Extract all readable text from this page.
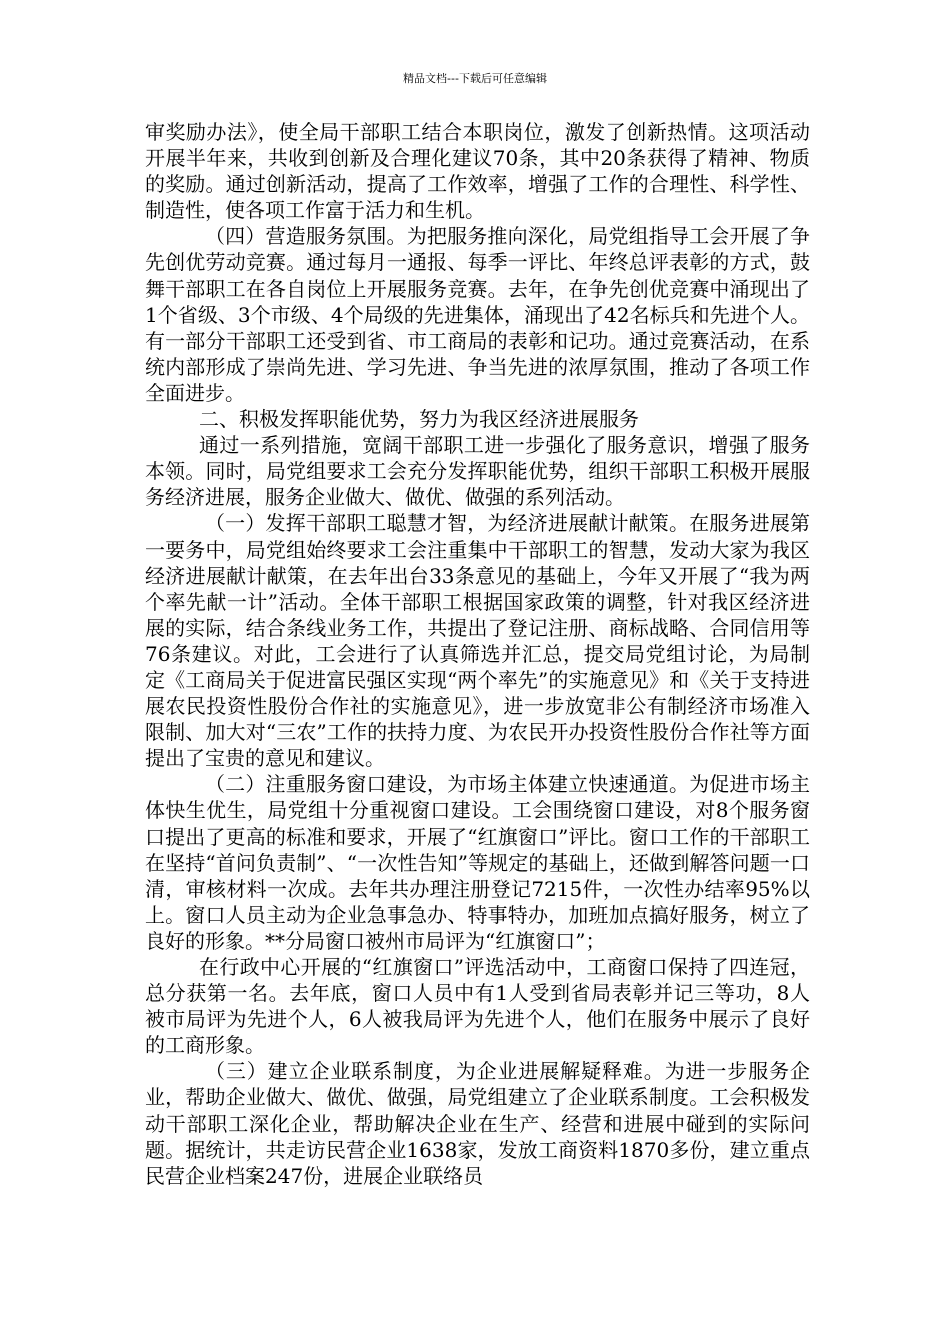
精品文档---下载后可任意编辑

审奖励办法》，使全局干部职工结合本职岗位，激发了创新热情。这项活动开展半年来，共收到创新及合理化建议70条，其中20条获得了精神、物质的奖励。通过创新活动，提高了工作效率，增强了工作的合理性、科学性、制造性，使各项工作富于活力和生机。

（四）营造服务氛围。为把服务推向深化，局党组指导工会开展了争先创优劳动竞赛。通过每月一通报、每季一评比、年终总评表彰的方式，鼓舞干部职工在各自岗位上开展服务竞赛。去年，在争先创优竞赛中涌现出了1个省级、3个市级、4个局级的先进集体，涌现出了42名标兵和先进个人。有一部分干部职工还受到省、市工商局的表彰和记功。通过竞赛活动，在系统内部形成了崇尚先进、学习先进、争当先进的浓厚氛围，推动了各项工作全面进步。

二、积极发挥职能优势，努力为我区经济进展服务

通过一系列措施，宽阔干部职工进一步强化了服务意识，增强了服务本领。同时，局党组要求工会充分发挥职能优势，组织干部职工积极开展服务经济进展，服务企业做大、做优、做强的系列活动。

（一）发挥干部职工聪慧才智，为经济进展献计献策。在服务进展第一要务中，局党组始终要求工会注重集中干部职工的智慧，发动大家为我区经济进展献计献策，在去年出台33条意见的基础上，今年又开展了“我为两个率先献一计”活动。全体干部职工根据国家政策的调整，针对我区经济进展的实际，结合条线业务工作，共提出了登记注册、商标战略、合同信用等76条建议。对此，工会进行了认真筛选并汇总，提交局党组讨论，为局制定《工商局关于促进富民强区实现“两个率先”的实施意见》和《关于支持进展农民投资性股份合作社的实施意见》，进一步放宽非公有制经济市场准入限制、加大对“三农”工作的扶持力度、为农民开办投资性股份合作社等方面提出了宝贵的意见和建议。

（二）注重服务窗口建设，为市场主体建立快速通道。为促进市场主体快生优生，局党组十分重视窗口建设。工会围绕窗口建设，对8个服务窗口提出了更高的标准和要求，开展了“红旗窗口”评比。窗口工作的干部职工在坚持“首问负责制”、“一次性告知”等规定的基础上，还做到解答问题一口清，审核材料一次成。去年共办理注册登记7215件，一次性办结率95%以上。窗口人员主动为企业急事急办、特事特办，加班加点搞好服务，树立了良好的形象。**分局窗口被州市局评为“红旗窗口”；

在行政中心开展的“红旗窗口”评选活动中，工商窗口保持了四连冠，总分获第一名。去年底，窗口人员中有1人受到省局表彰并记三等功，8人被市局评为先进个人，6人被我局评为先进个人，他们在服务中展示了良好的工商形象。

（三）建立企业联系制度，为企业进展解疑释难。为进一步服务企业，帮助企业做大、做优、做强，局党组建立了企业联系制度。工会积极发动干部职工深化企业，帮助解决企业在生产、经营和进展中碰到的实际问题。据统计，共走访民营企业1638家，发放工商资料1870多份，建立重点民营企业档案247份，进展企业联络员
